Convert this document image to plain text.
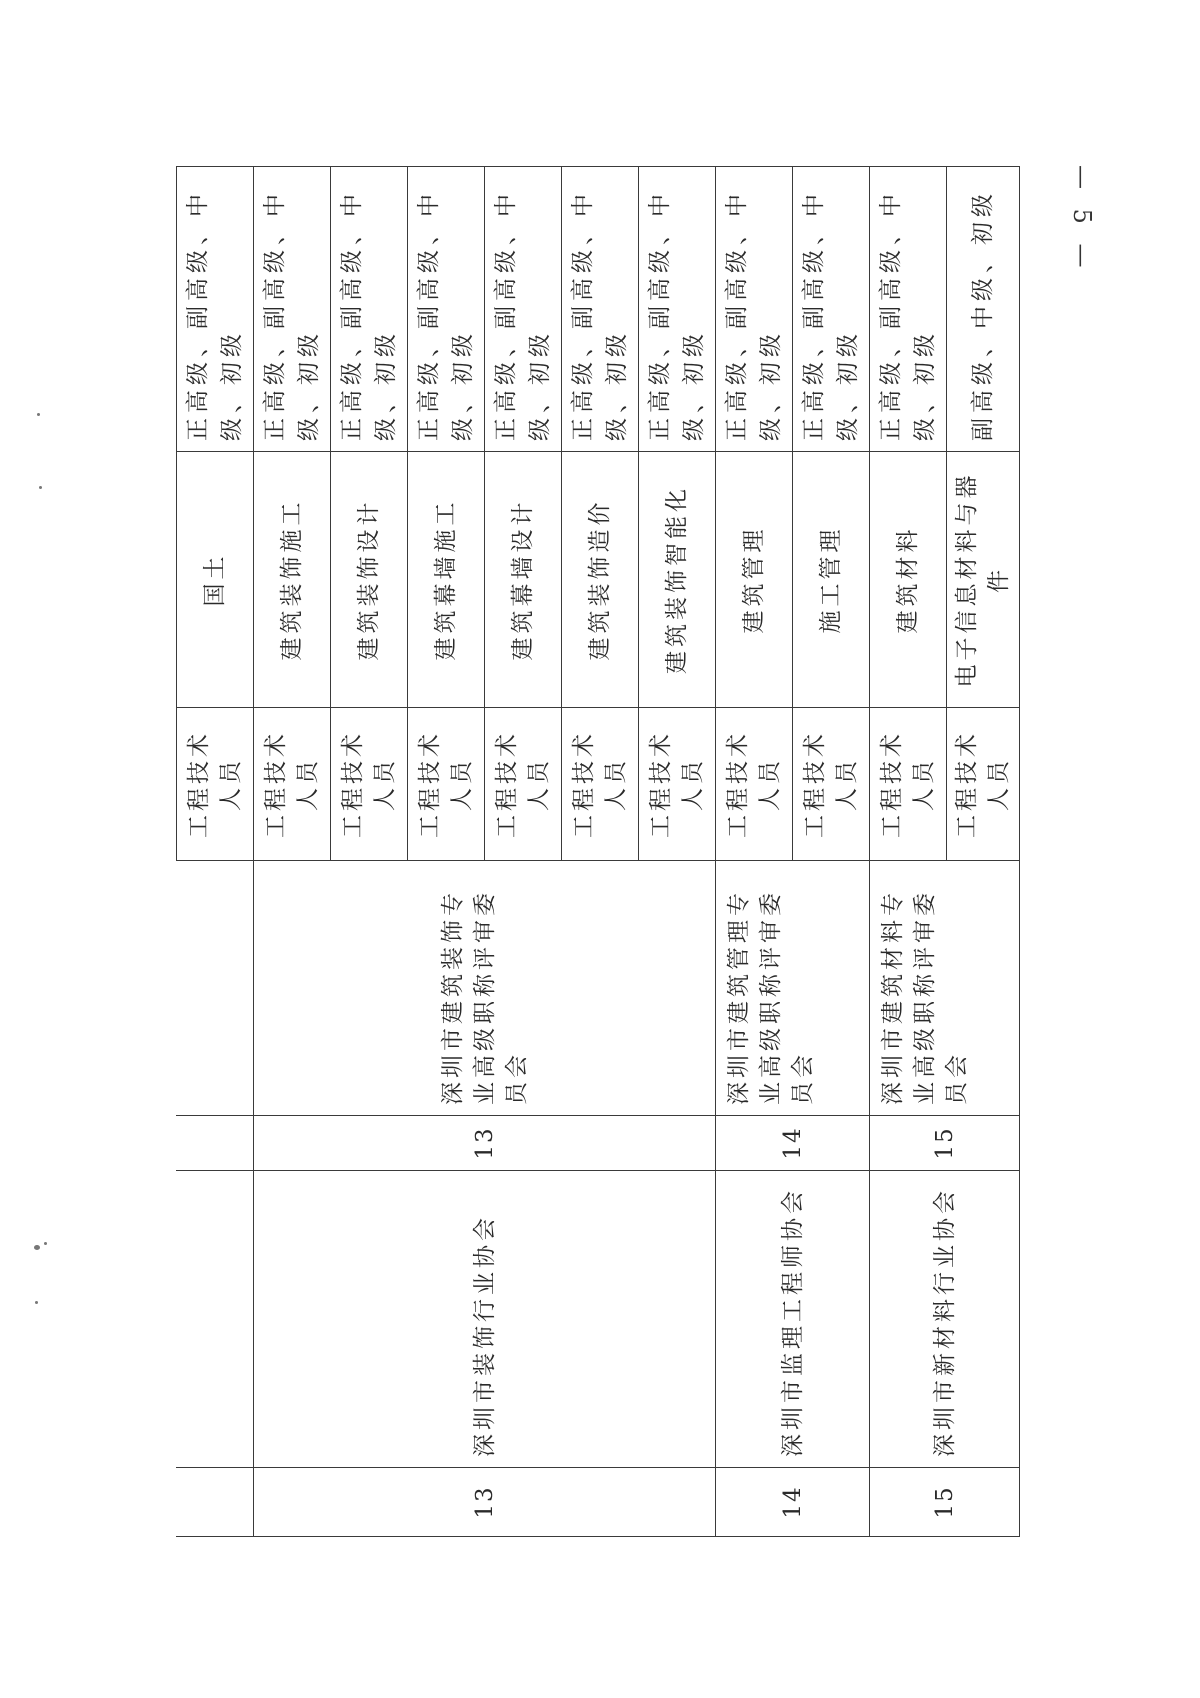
				工程技术人员	国土	正高级、副高级、中级、初级
13	深圳市装饰行业协会	13	深圳市建筑装饰专业高级职称评审委员会	工程技术人员	建筑装饰施工	正高级、副高级、中级、初级
				工程技术人员	建筑装饰设计	正高级、副高级、中级、初级
				工程技术人员	建筑幕墙施工	正高级、副高级、中级、初级
				工程技术人员	建筑幕墙设计	正高级、副高级、中级、初级
				工程技术人员	建筑装饰造价	正高级、副高级、中级、初级
				工程技术人员	建筑装饰智能化	正高级、副高级、中级、初级
14	深圳市监理工程师协会	14	深圳市建筑管理专业高级职称评审委员会	工程技术人员	建筑管理	正高级、副高级、中级、初级
				工程技术人员	施工管理	正高级、副高级、中级、初级
15	深圳市新材料行业协会	15	深圳市建筑材料专业高级职称评审委员会	工程技术人员	建筑材料	正高级、副高级、中级、初级
				工程技术人员	电子信息材料与器件	副高级、中级、初级	— 5 —
